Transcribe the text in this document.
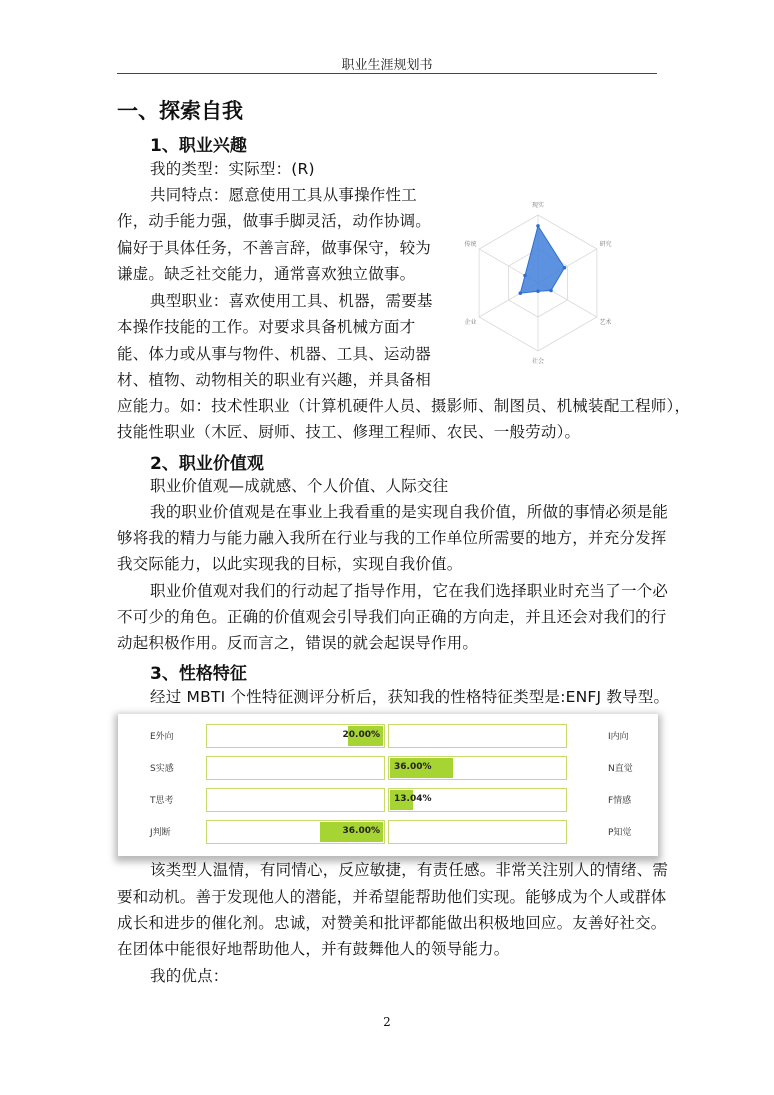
职业生涯规划书
一、探索自我
1、职业兴趣
我的类型：实际型：(R)
共同特点：愿意使用工具从事操作性工
作，动手能力强，做事手脚灵活，动作协调。
偏好于具体任务，不善言辞，做事保守，较为
谦虚。缺乏社交能力，通常喜欢独立做事。
典型职业：喜欢使用工具、机器，需要基
本操作技能的工作。对要求具备机械方面才
能、体力或从事与物件、机器、工具、运动器
材、植物、动物相关的职业有兴趣，并具备相
应能力。如：技术性职业（计算机硬件人员、摄影师、制图员、机械装配工程师），
技能性职业（木匠、厨师、技工、修理工程师、农民、一般劳动）。
现实
研究
艺术
社会
企业
传统
2、职业价值观
职业价值观—成就感、个人价值、人际交往
我的职业价值观是在事业上我看重的是实现自我价值，所做的事情必须是能
够将我的精力与能力融入我所在行业与我的工作单位所需要的地方，并充分发挥
我交际能力，以此实现我的目标，实现自我价值。
职业价值观对我们的行动起了指导作用，它在我们选择职业时充当了一个必
不可少的角色。正确的价值观会引导我们向正确的方向走，并且还会对我们的行
动起积极作用。反而言之，错误的就会起误导作用。
3、性格特征
经过 MBTI 个性特征测评分析后，获知我的性格特征类型是:ENFJ 教导型。
E外向	20.00%	I内向
S实感	36.00%	N直觉
T思考	13.04%	F情感
J判断	36.00%	P知觉
该类型人温情，有同情心，反应敏捷，有责任感。非常关注别人的情绪、需
要和动机。善于发现他人的潜能，并希望能帮助他们实现。能够成为个人或群体
成长和进步的催化剂。忠诚，对赞美和批评都能做出积极地回应。友善好社交。
在团体中能很好地帮助他人，并有鼓舞他人的领导能力。
我的优点：
2
